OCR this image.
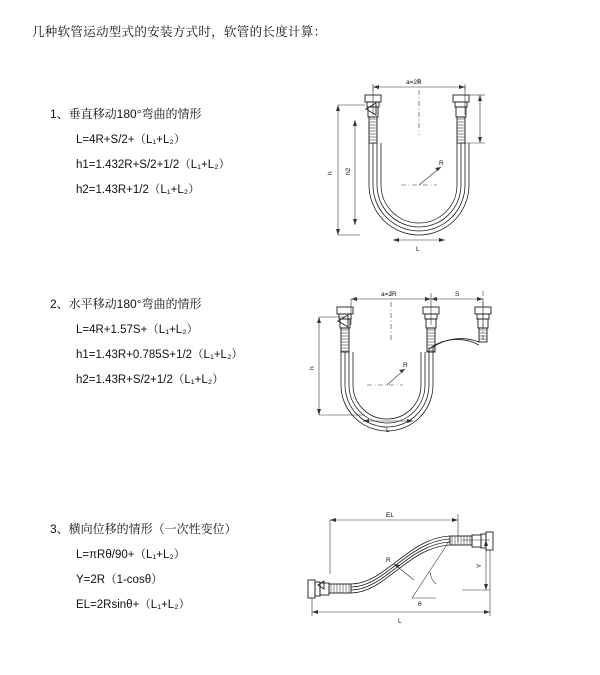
几种软管运动型式的安装方式时，软管的长度计算：
1、垂直移动180°弯曲的情形
L=4R+S/2+（L₁+L₂）
h1=1.432R+S/2+1/2（L₁+L₂）
h2=1.43R+1/2（L₁+L₂）
a=2R
h h2
R
L
2、水平移动180°弯曲的情形
L=4R+1.57S+（L₁+L₂）
h1=1.43R+0.785S+1/2（L₁+L₂）
h2=1.43R+S/2+1/2（L₁+L₂）
a=2R	S
h	R
L
3、横向位移的情形（一次性变位）
L=πRθ/90+（L₁+L₂）
Y=2R（1-cosθ）
EL=2Rsinθ+（L₁+L₂）
EL
Y
θ
R
L
